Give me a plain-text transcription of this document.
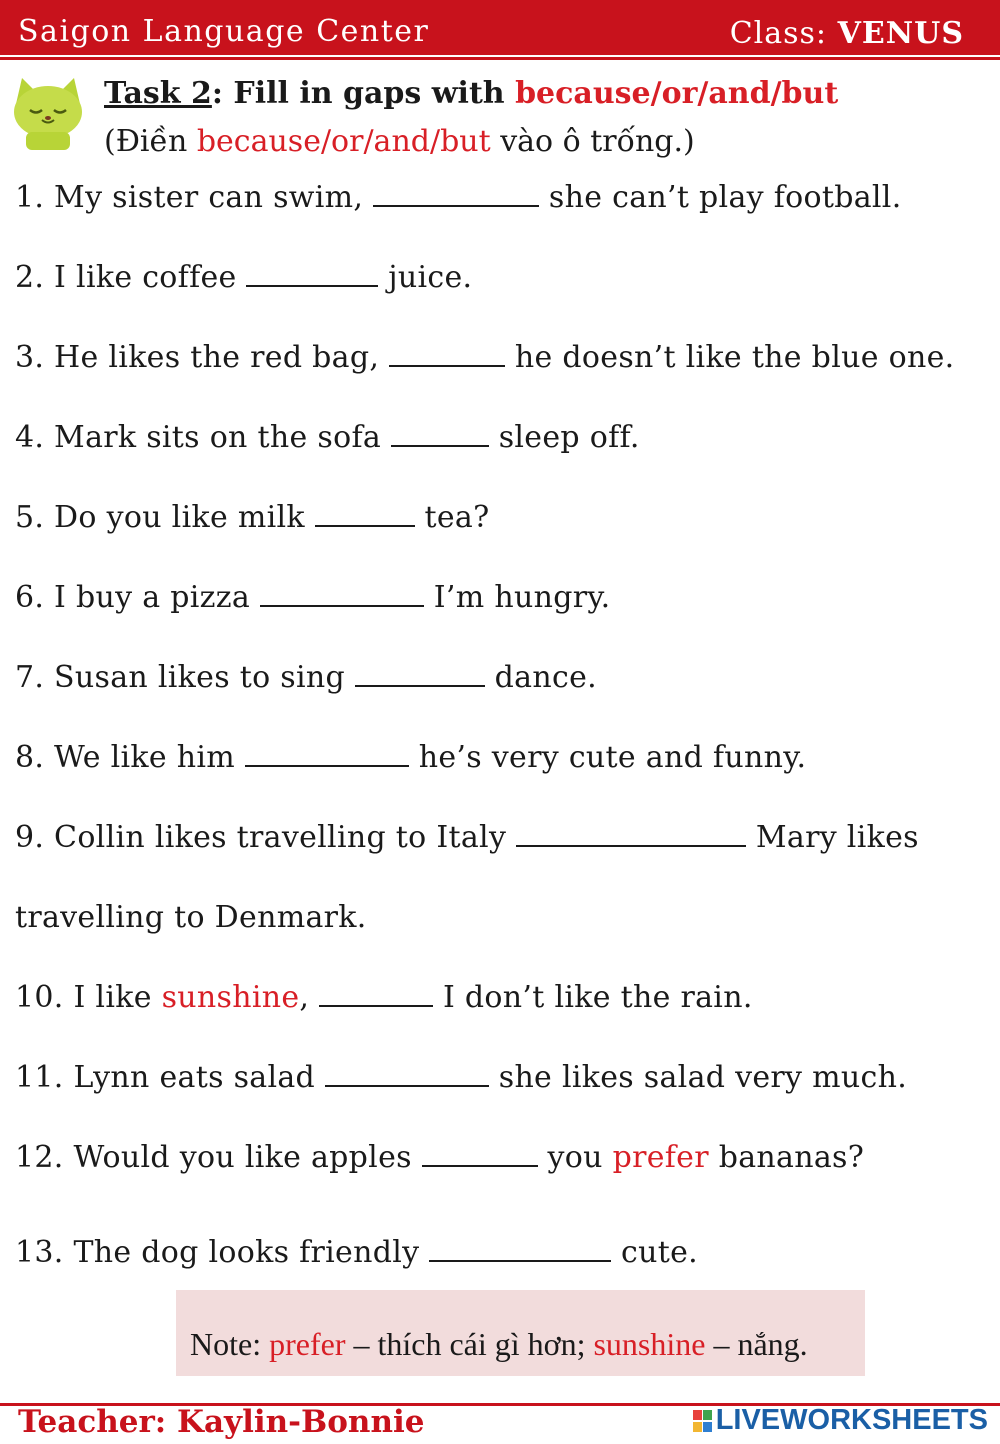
Saigon Language Center	Class: VENUS
Task 2: Fill in gaps with because/or/and/but
(Điền because/or/and/but vào ô trống.)
1. My sister can swim,	she can’t play football.
2. I like coffee	juice.
3. He likes the red bag,	he doesn’t like the blue one.
4. Mark sits on the sofa	sleep off.
5. Do you like milk	tea?
6. I buy a pizza	I’m hungry.
7. Susan likes to sing	dance.
8. We like him	he’s very cute and funny.
9. Collin likes travelling to Italy	Mary likes
travelling to Denmark.
10. I like sunshine,	I don’t like the rain.
11. Lynn eats salad	she likes salad very much.
12. Would you like apples	you prefer bananas?
13. The dog looks friendly	cute.
Note: prefer – thích cái gì hơn; sunshine – nắng.
Teacher: Kaylin-Bonnie	LIVEWORKSHEETS
